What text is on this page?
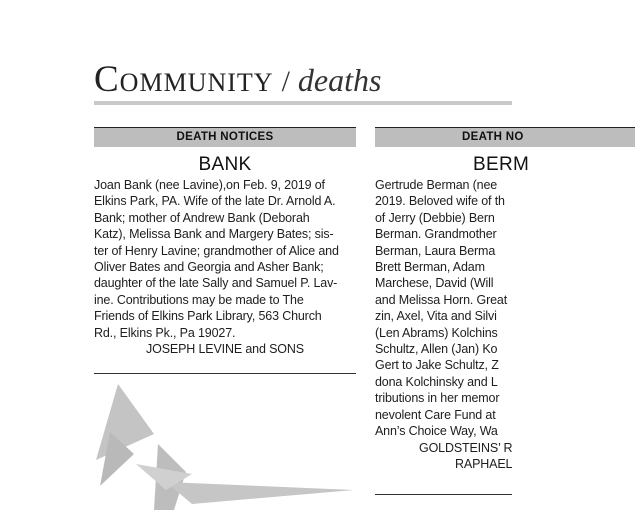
Community / deaths
DEATH NOTICES
BANK
Joan Bank (nee Lavine),on Feb. 9, 2019 of
Elkins Park, PA. Wife of the late Dr. Arnold A.
Bank; mother of Andrew Bank (Deborah
Katz), Melissa Bank and Margery Bates; sis-
ter of Henry Lavine; grandmother of Alice and
Oliver Bates and Georgia and Asher Bank;
daughter of the late Sally and Samuel P. Lav-
ine. Contributions may be made to The
Friends of Elkins Park Library, 563 Church
Rd., Elkins Pk., Pa 19027.
JOSEPH LEVINE and SONS
DEATH NO
BERM
Gertrude Berman (nee
2019. Beloved wife of th
of Jerry (Debbie) Bern
Berman. Grandmother
Berman, Laura Berma
Brett Berman, Adam
Marchese, David (Will
and Melissa Horn. Great
zin, Axel, Vita and Silvi
(Len Abrams) Kolchins
Schultz, Allen (Jan) Ko
Gert to Jake Schultz, Z
dona Kolchinsky and L
tributions in her memor
nevolent Care Fund at
Ann’s Choice Way, Wa
GOLDSTEINS’ R
RAPHAEL
